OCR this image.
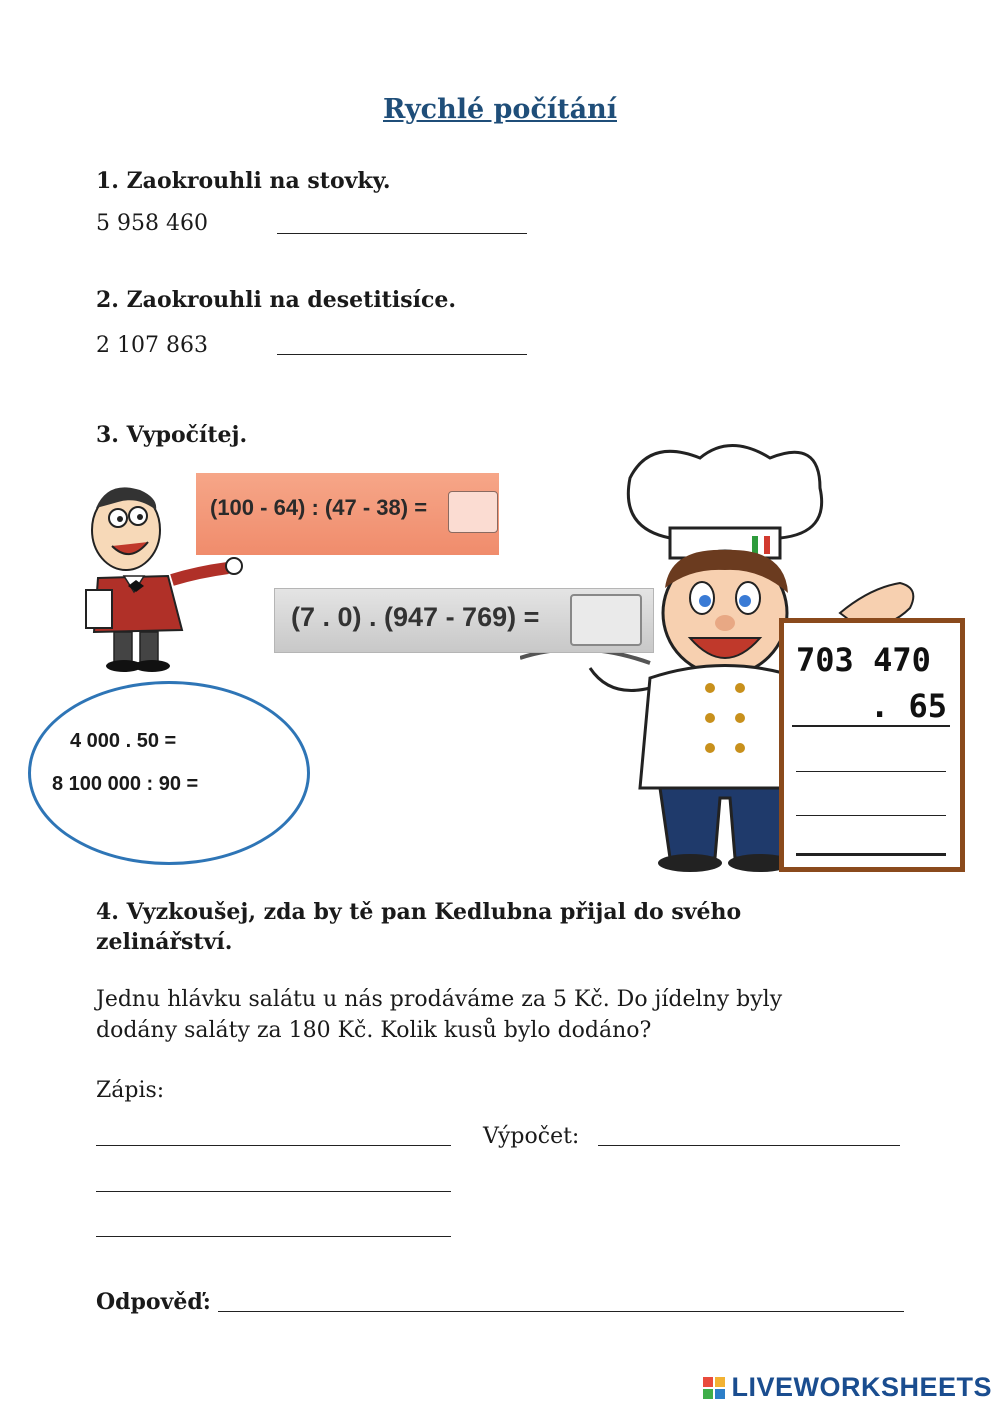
Rychlé počítání
1. Zaokrouhli na stovky.
5 958 460
2. Zaokrouhli na desetitisíce.
2 107 863
3. Vypočítej.
(100 - 64) : (47 - 38) =
(7 . 0) . (947 - 769) =
4 000 . 50 =
8 100 000 : 90 =
703 470
. 65
4. Vyzkoušej, zda by tě pan Kedlubna přijal do svého
zelinářství.
Jednu hlávku salátu u nás prodáváme za 5 Kč. Do jídelny byly
dodány saláty za 180 Kč. Kolik kusů bylo dodáno?
Zápis:
Výpočet:
Odpověď:
LIVEWORKSHEETS
